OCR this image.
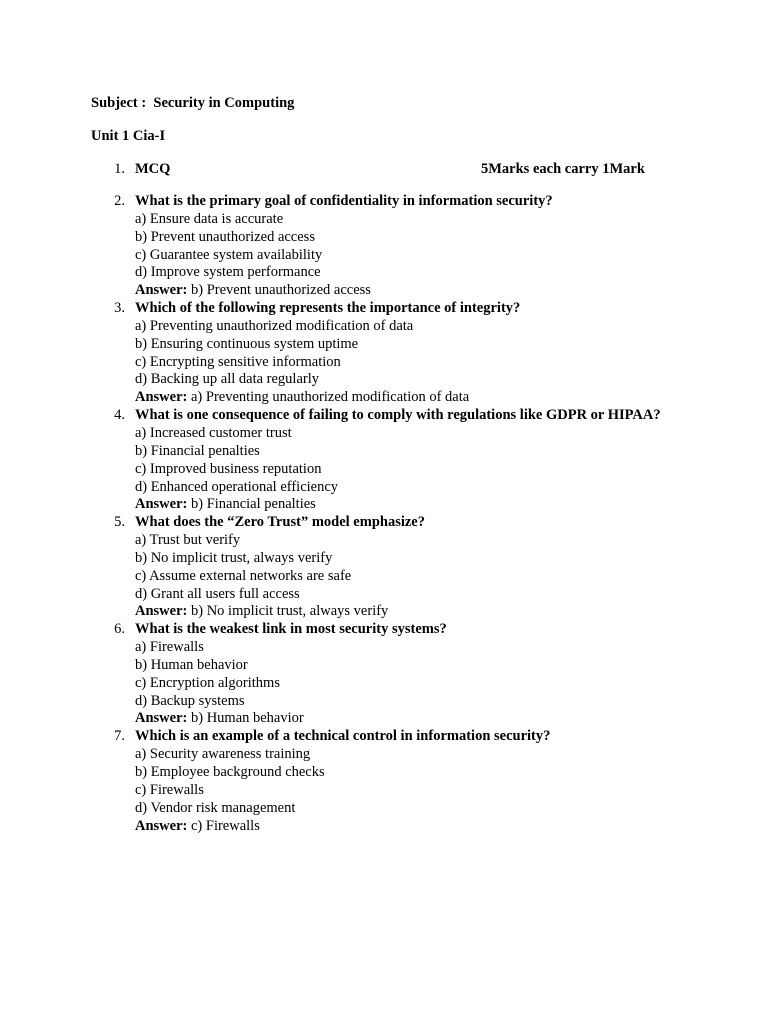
Subject :  Security in Computing
Unit 1 Cia-I
1. MCQ	5Marks each carry 1Mark
2. What is the primary goal of confidentiality in information security?
a) Ensure data is accurate
b) Prevent unauthorized access
c) Guarantee system availability
d) Improve system performance
Answer: b) Prevent unauthorized access
3. Which of the following represents the importance of integrity?
a) Preventing unauthorized modification of data
b) Ensuring continuous system uptime
c) Encrypting sensitive information
d) Backing up all data regularly
Answer: a) Preventing unauthorized modification of data
4. What is one consequence of failing to comply with regulations like GDPR or HIPAA?
a) Increased customer trust
b) Financial penalties
c) Improved business reputation
d) Enhanced operational efficiency
Answer: b) Financial penalties
5. What does the “Zero Trust” model emphasize?
a) Trust but verify
b) No implicit trust, always verify
c) Assume external networks are safe
d) Grant all users full access
Answer: b) No implicit trust, always verify
6. What is the weakest link in most security systems?
a) Firewalls
b) Human behavior
c) Encryption algorithms
d) Backup systems
Answer: b) Human behavior
7. Which is an example of a technical control in information security?
a) Security awareness training
b) Employee background checks
c) Firewalls
d) Vendor risk management
Answer: c) Firewalls
